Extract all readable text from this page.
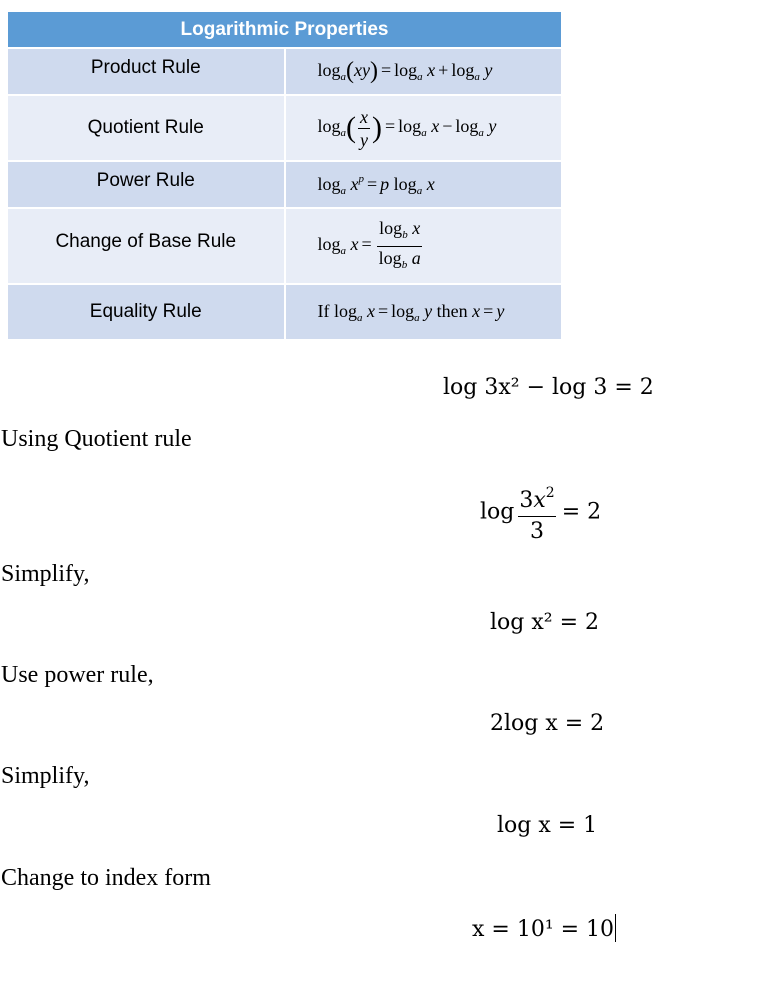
Logarithmic Properties	
Product Rule	$\log_a(xy) = \log_a x + \log_a y$
Quotient Rule	$\log_a( \frac{x}{y}$ ) = $\log_a x - \log_a y$
Power Rule	$\log_a x^p = p$ $\log_a x$
Change of Base Rule	$\log_a x = \frac{\log_b x}{\log_b a}$

Equality Rule	If $\log_a x = \log_a y$ then x = y
log 3x² − log 3 = 2
Using Quotient rule
$\log \frac{3x^2}{3} = 2$
Simplify,
log x² = 2
Use power rule,
2log x = 2
Simplify,
log x = 1
Change to index form
x = 10¹ = 10
